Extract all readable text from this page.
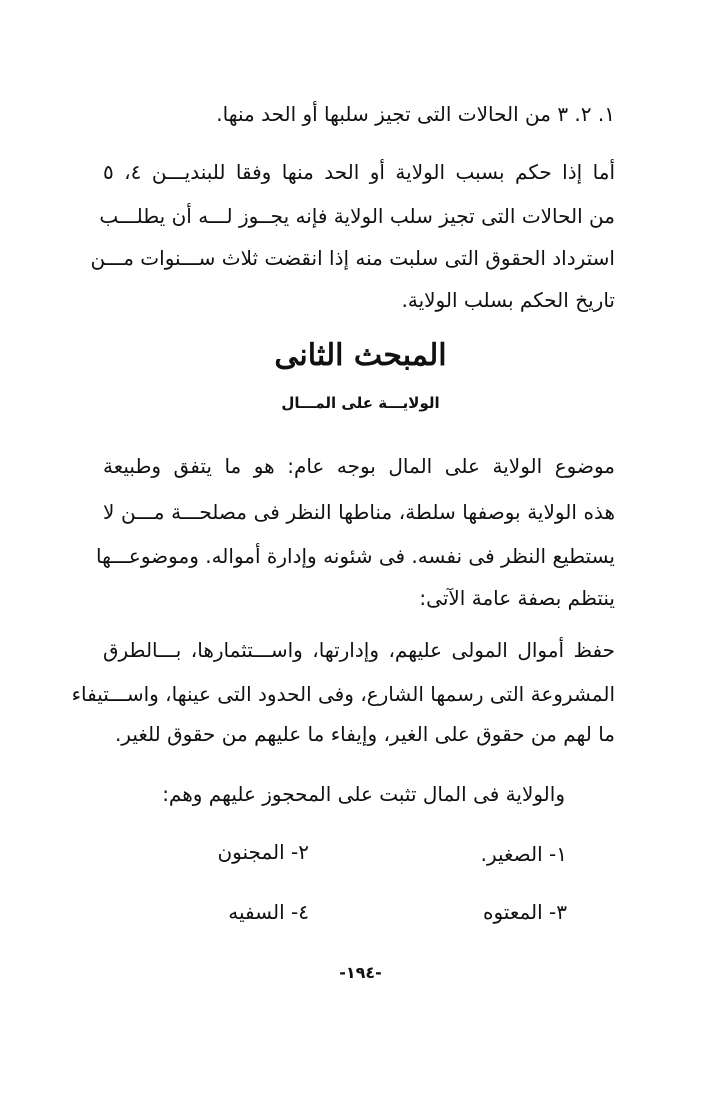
١. ٢. ٣ من الحالات التى تجيز سلبها أو الحد منها.
أما إذا حكم بسبب الولاية أو الحد منها وفقا للبنديـــن ٤، ٥
من الحالات التى تجيز سلب الولاية فإنه يجــوز لـــه أن يطلـــب
استرداد الحقوق التى سلبت منه إذا انقضت ثلاث ســـنوات مـــن
تاريخ الحكم بسلب الولاية.
المبحث الثانى
الولايـــة على المـــال
موضوع الولاية على المال بوجه عام: هو ما يتفق وطبيعة
هذه الولاية بوصفها سلطة، مناطها النظر فى مصلحـــة مـــن لا
يستطيع النظر فى نفسه. فى شئونه وإدارة أمواله. وموضوعـــها
ينتظم بصفة عامة الآتى:
حفظ أموال المولى عليهم، وإدارتها، واســـتثمارها، بـــالطرق
المشروعة التى رسمها الشارع، وفى الحدود التى عينها، واســـتيفاء
ما لهم من حقوق على الغير، وإيفاء ما عليهم من حقوق للغير.
والولاية فى المال تثبت على المحجوز عليهم وهم:
١- الصغير.
٢- المجنون
٣- المعتوه
٤- السفيه
-١٩٤-
